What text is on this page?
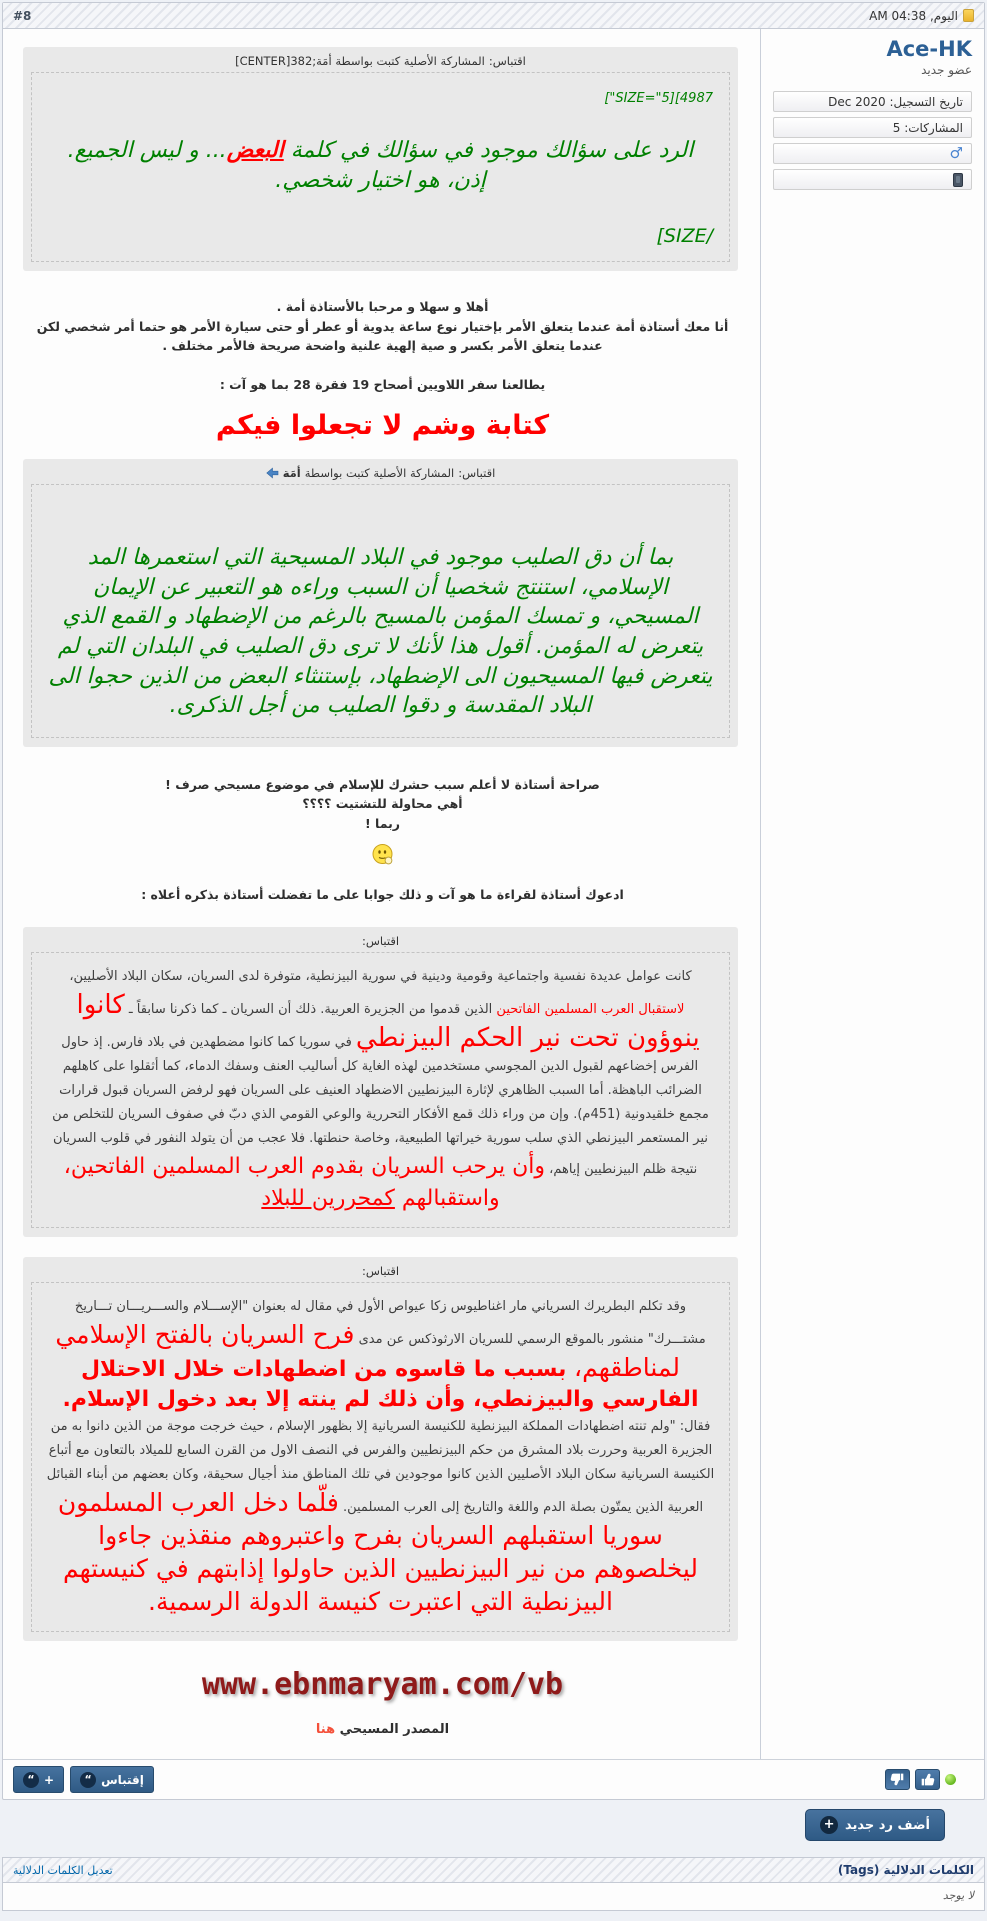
اليوم, 04:38 AM
#8
Ace-HK
عضو جديد
تاريخ التسجيل: Dec 2020
المشاركات: 5
♂
اقتباس:
المشاركة الأصلية كتبت بواسطة أمَة;382[CENTER]
["SIZE="5][4987
الرد على سؤالك موجود في سؤالك في كلمة البعض... و ليس الجميع.
إذن، هو اختيار شخصي.
[SIZE/
أهلا و سهلا و مرحبا بالأستاذة أمة .
أنا معك أستاذة أمة عندما يتعلق الأمر بإختيار نوع ساعة يدوية أو عطر أو حتى سيارة الأمر هو حتما أمر شخصي لكن عندما يتعلق الأمر بكسر و صية إلهية علنية واضحة صريحة فالأمر مختلف .
يطالعنا سفر اللاويين أصحاح 19 فقرة 28 بما هو آت :
كتابة وشم لا تجعلوا فيكم
اقتباس:
المشاركة الأصلية كتبت بواسطة
أمَة
بما أن دق الصليب موجود في البلاد المسيحية التي استعمرها المد الإسلامي، استنتج شخصيا أن السبب وراءه هو التعبير عن الإيمان المسيحي، و تمسك المؤمن بالمسيح بالرغم من الإضطهاد و القمع الذي يتعرض له المؤمن. أقول هذا لأنك لا ترى دق الصليب في البلدان التي لم يتعرض فيها المسيحيون الى الإضطهاد، بإستنثاء البعض من الذين حجوا الى البلاد المقدسة و دقوا الصليب من أجل الذكرى.
صراحة أستاذة لا أعلم سبب حشرك للإسلام في موضوع مسيحي صرف !
أهي محاولة للتشتيت ؟؟؟؟
ربما !
ادعوك أستاذة لقراءة ما هو آت و ذلك جوابا على ما تفضلت أستاذة بذكره أعلاه :
اقتباس:
كانت عوامل عديدة نفسية واجتماعية وقومية ودينية في سورية البيزنطية، متوفرة لدى السريان، سكان البلاد الأصليين، لاستقبال العرب المسلمين الفاتحين الذين قدموا من الجزيرة العربية. ذلك أن السريان ـ كما ذكرنا سابقاً ـ كانوا ينوؤون تحت نير الحكم البيزنطي في سوريا كما كانوا مضطهدين في بلاد فارس. إذ حاول الفرس إخضاعهم لقبول الدين المجوسي مستخدمين لهذه الغاية كل أساليب العنف وسفك الدماء، كما أثقلوا على كاهلهم الضرائب الباهظة. أما السبب الظاهري لإثارة البيزنطيين الاضطهاد العنيف على السريان فهو لرفض السريان قبول قرارات مجمع خلقيدونية (451م). وإن من وراء ذلك قمع الأفكار التحررية والوعي القومي الذي دبّ في صفوف السريان للتخلص من نير المستعمر البيزنطي الذي سلب سورية خيراتها الطبيعية، وخاصة حنطتها. فلا عجب من أن يتولد النفور في قلوب السريان نتيجة ظلم البيزنطيين إياهم، وأن يرحب السريان بقدوم العرب المسلمين الفاتحين، واستقبالهم كمحررين للبلاد
اقتباس:
وقد تكلم البطريرك السرياني مار اغناطيوس زكا عيواص الأول في مقال له بعنوان "الإســـلام والســـريـــان تـــاريخ مشتـــرك" منشور بالموقع الرسمي للسريان الارثوذكس عن مدى فرح السريان بالفتح الإسلامي لمناطقهم، بسبب ما قاسوه من اضطهادات خلال الاحتلال الفارسي والبيزنطي، وأن ذلك لم ينته إلا بعد دخول الإسلام. فقال: "ولم تنته اضطهادات المملكة البيزنطية للكنيسة السريانية إلا بظهور الإسلام ، حيث خرجت موجة من الذين دانوا به من الجزيرة العربية وحررت بلاد المشرق من حكم البيزنطيين والفرس في النصف الاول من القرن السابع للميلاد بالتعاون مع أتباع الكنيسة السريانية سكان البلاد الأصليين الذين كانوا موجودين في تلك المناطق منذ أجيال سحيقة، وكان بعضهم من أبناء القبائل العربية الذين يمتّون بصلة الدم واللغة والتاريخ إلى العرب المسلمين. فلّما دخل العرب المسلمون سوريا استقبلهم السريان بفرح واعتبروهم منقذين جاءوا ليخلصوهم من نير البيزنطيين الذين حاولوا إذابتهم في كنيستهم البيزنطية التي اعتبرت كنيسة الدولة الرسمية.
www.ebnmaryam.com/vb
المصدر المسيحي هنا
إقتباس
“
+
“
أضف رد جديد
+
الكلمات الدلالية (Tags)
تعديل الكلمات الدلالية
لا يوجد
